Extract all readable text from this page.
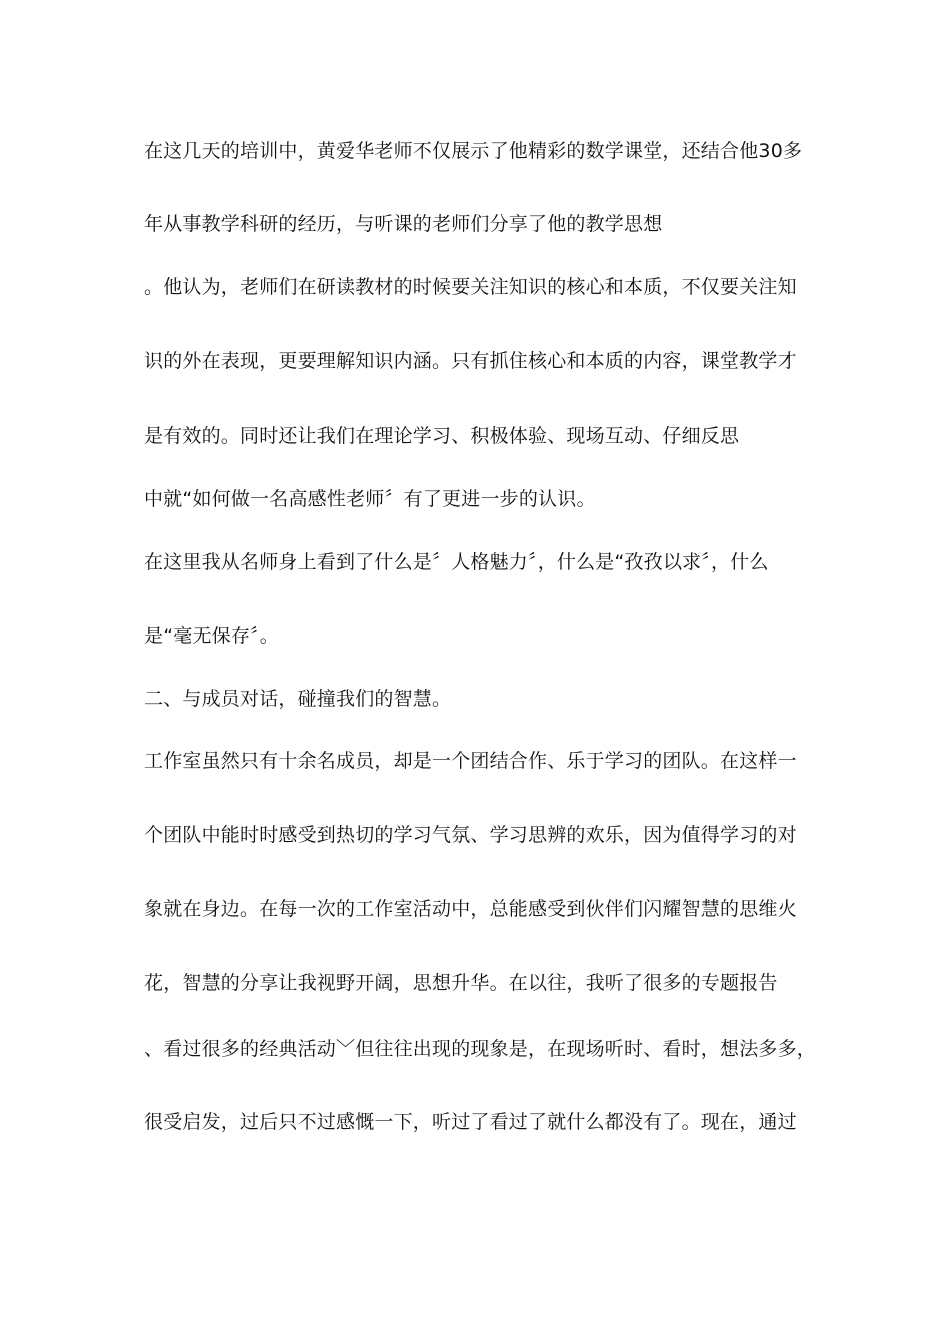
在这几天的培训中，黄爱华老师不仅展示了他精彩的数学课堂，还结合他30多
年从事教学科研的经历，与听课的老师们分享了他的教学思想
。他认为，老师们在研读教材的时候要关注知识的核心和本质，不仅要关注知
识的外在表现，更要理解知识内涵。只有抓住核心和本质的内容，课堂教学才
是有效的。同时还让我们在理论学习、积极体验、现场互动、仔细反思
中就“如何做一名高感性老师〞有了更进一步的认识。
在这里我从名师身上看到了什么是〞人格魅力〞，什么是“孜孜以求〞，什么
是“毫无保存〞。
二、与成员对话，碰撞我们的智慧。
工作室虽然只有十余名成员，却是一个团结合作、乐于学习的团队。在这样一
个团队中能时时感受到热切的学习气氛、学习思辨的欢乐，因为值得学习的对
象就在身边。在每一次的工作室活动中，总能感受到伙伴们闪耀智慧的思维火
花，智慧的分享让我视野开阔，思想升华。在以往，我听了很多的专题报告
、看过很多的经典活动﹀但往往出现的现象是，在现场听时、看时，想法多多，
很受启发，过后只不过感慨一下，听过了看过了就什么都没有了。现在，通过
